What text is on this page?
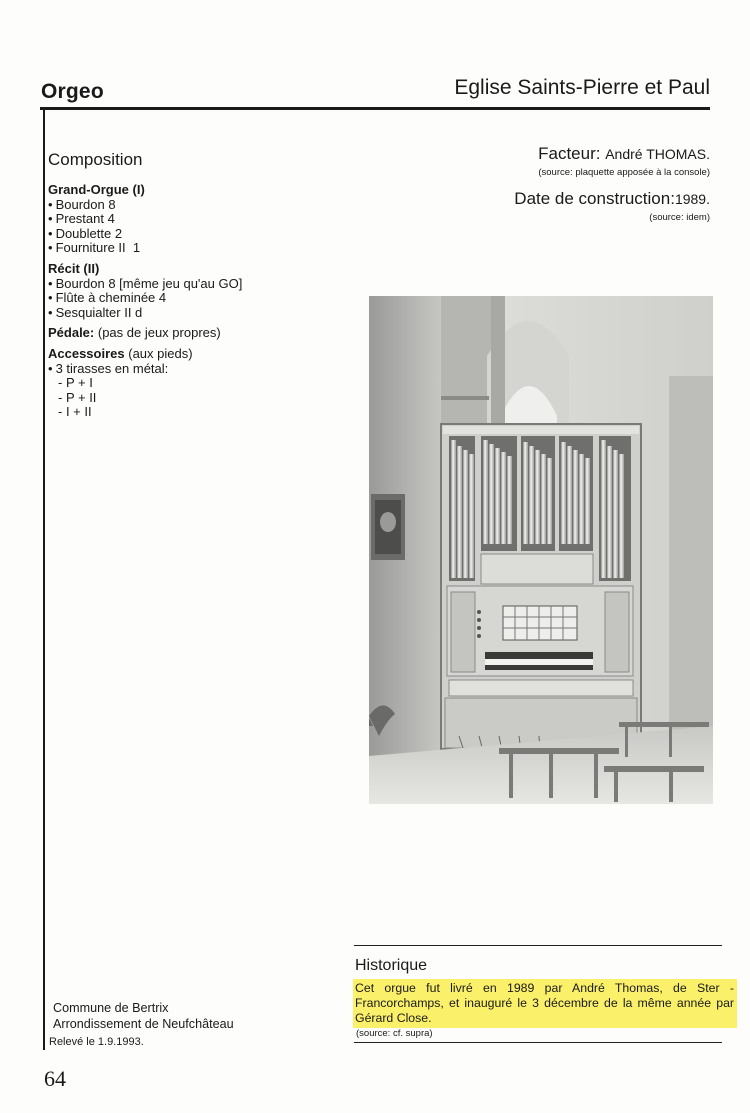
Orgeo	Eglise Saints-Pierre et Paul
Composition
Grand-Orgue (I)
• Bourdon 8
• Prestant 4
• Doublette 2
• Fourniture II  1
Récit (II)
• Bourdon 8 [même jeu qu'au GO]
• Flûte à cheminée 4
• Sesquialter II d
Pédale: (pas de jeux propres)
Accessoires (aux pieds)
• 3 tirasses en métal:
- P + I
- P + II
- I + II
Facteur: André THOMAS.
(source: plaquette apposée à la console)
Date de construction:1989.
(source: idem)
Historique
Cet orgue fut livré en 1989 par André Thomas, de Ster - Francorchamps, et inauguré le 3 décembre de la même année par Gérard Close.
(source: cf. supra)
Commune de Bertrix
Arrondissement de Neufchâteau
Relevé le 1.9.1993.
64
